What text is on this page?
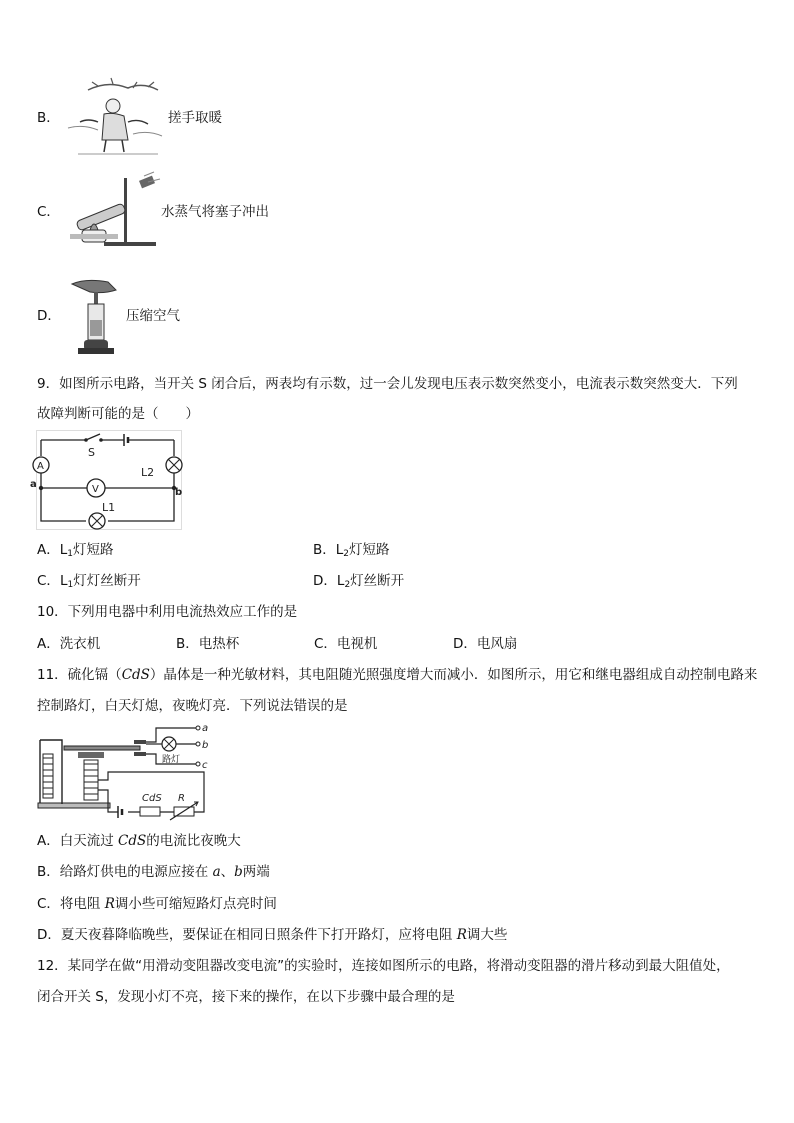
B．	搓手取暖
C．	水蒸气将塞子冲出
D．	压缩空气
9．如图所示电路，当开关 S 闭合后，两表均有示数，过一会儿发现电压表示数突然变小，电流表示数突然变大．下列
故障判断可能的是（　　）
S
A	L2
V
a
b
L1
A．$L_1$灯短路	B．$L_2$灯短路
C．$L_1$灯灯丝断开	D．$L_2$灯丝断开
10．下列用电器中利用电流热效应工作的是
A．洗衣机	B．电热杯	C．电视机	D．电风扇
11．硫化镉（CdS）晶体是一种光敏材料，其电阻随光照强度增大而减小．如图所示，用它和继电器组成自动控制电路来
控制路灯，白天灯熄，夜晚灯亮．下列说法错误的是
a
b
c
路灯
CdS R
A．白天流过 CdS的电流比夜晚大
B．给路灯供电的电源应接在 a、b两端
C．将电阻 R调小些可缩短路灯点亮时间
D．夏天夜暮降临晚些，要保证在相同日照条件下打开路灯，应将电阻 R调大些
12．某同学在做“用滑动变阻器改变电流”的实验时，连接如图所示的电路，将滑动变阻器的滑片移动到最大阻值处，
闭合开关 S，发现小灯不亮，接下来的操作，在以下步骤中最合理的是
